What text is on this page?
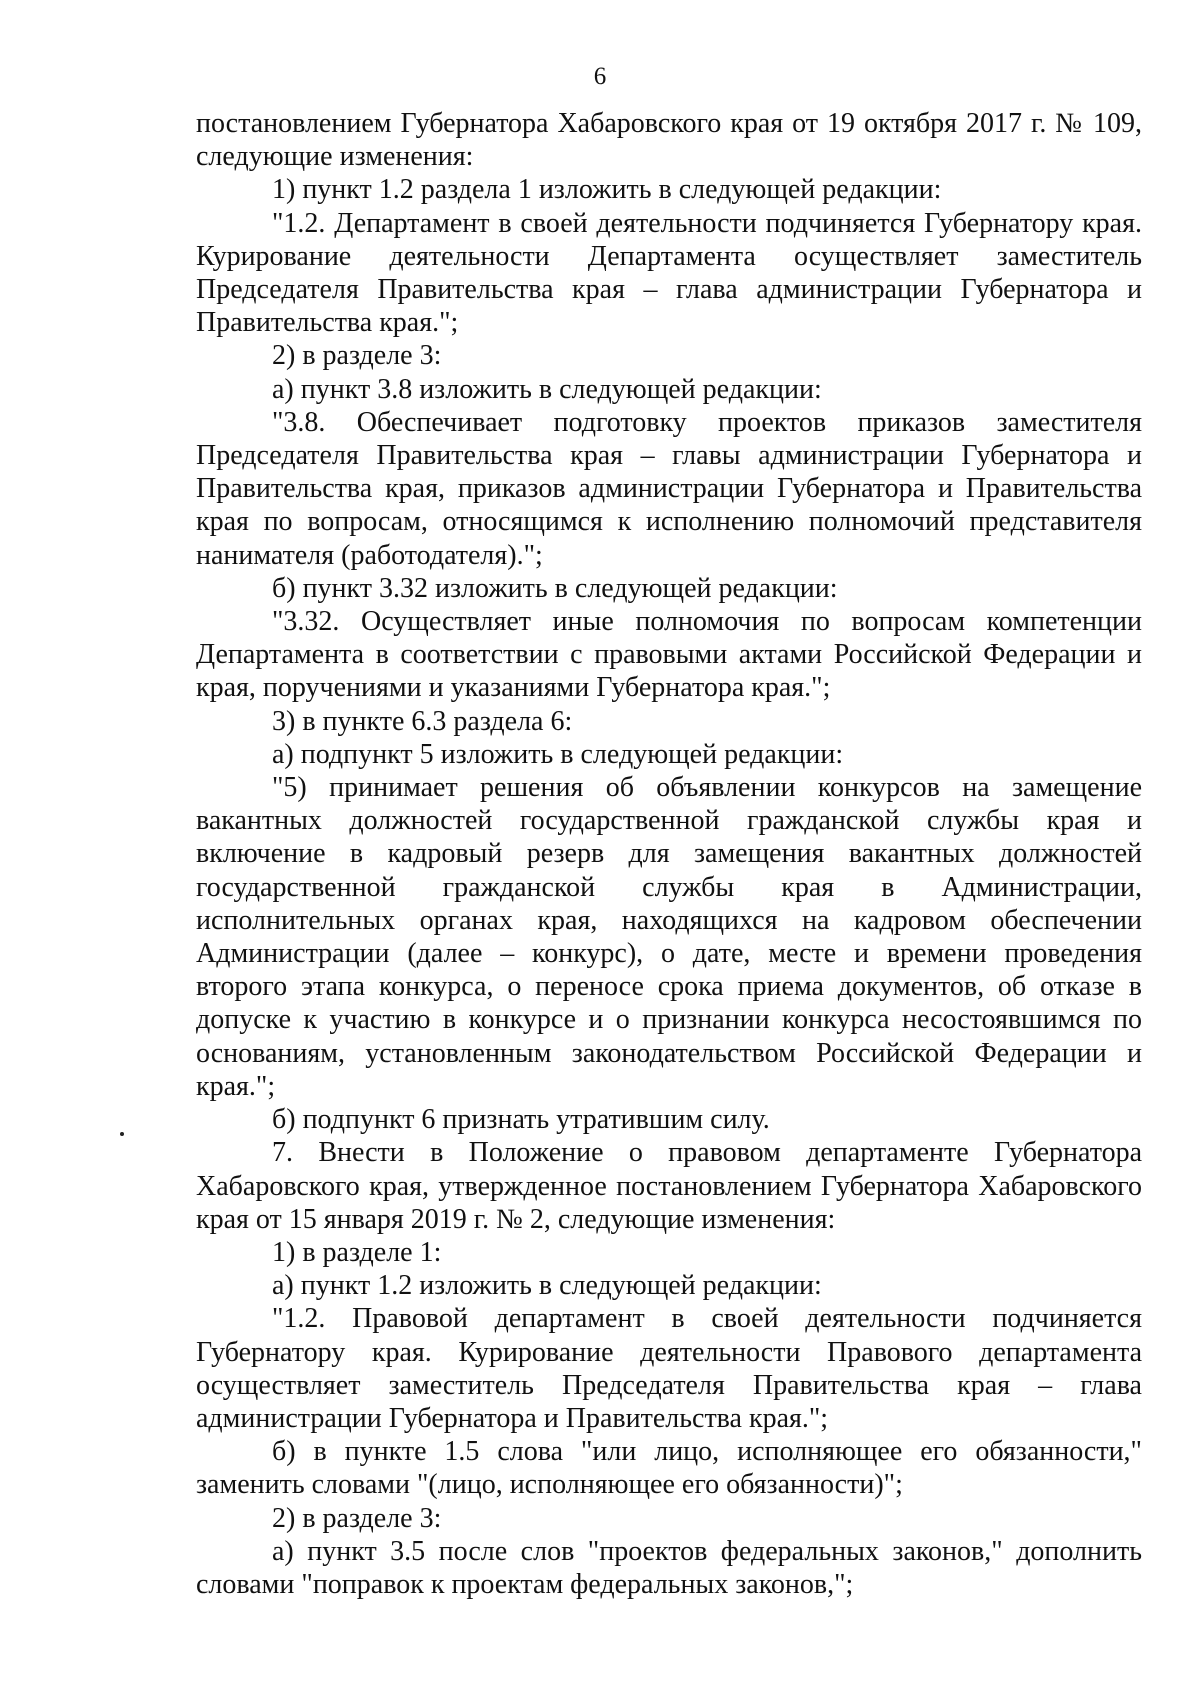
6

постановлением Губернатора Хабаровского края от 19 октября 2017 г. № 109, следующие изменения:

1) пункт 1.2 раздела 1 изложить в следующей редакции:

"1.2. Департамент в своей деятельности подчиняется Губернатору края. Курирование деятельности Департамента осуществляет заместитель Председателя Правительства края – глава администрации Губернатора и Правительства края.";

2) в разделе 3:

а) пункт 3.8 изложить в следующей редакции:

"3.8. Обеспечивает подготовку проектов приказов заместителя Председателя Правительства края – главы администрации Губернатора и Правительства края, приказов администрации Губернатора и Правительства края по вопросам, относящимся к исполнению полномочий представителя нанимателя (работодателя).";

б) пункт 3.32 изложить в следующей редакции:

"3.32. Осуществляет иные полномочия по вопросам компетенции Департамента в соответствии с правовыми актами Российской Федерации и края, поручениями и указаниями Губернатора края.";

3) в пункте 6.3 раздела 6:

а) подпункт 5 изложить в следующей редакции:

"5) принимает решения об объявлении конкурсов на замещение вакантных должностей государственной гражданской службы края и включение в кадровый резерв для замещения вакантных должностей государственной гражданской службы края в Администрации, исполнительных органах края, находящихся на кадровом обеспечении Администрации (далее – конкурс), о дате, месте и времени проведения второго этапа конкурса, о переносе срока приема документов, об отказе в допуске к участию в конкурсе и о признании конкурса несостоявшимся по основаниям, установленным законодательством Российской Федерации и края.";

б) подпункт 6 признать утратившим силу.

7. Внести в Положение о правовом департаменте Губернатора Хабаровского края, утвержденное постановлением Губернатора Хабаровского края от 15 января 2019 г. № 2, следующие изменения:

1) в разделе 1:

а) пункт 1.2 изложить в следующей редакции:

"1.2. Правовой департамент в своей деятельности подчиняется Губернатору края. Курирование деятельности Правового департамента осуществляет заместитель Председателя Правительства края – глава администрации Губернатора и Правительства края.";

б) в пункте 1.5 слова "или лицо, исполняющее его обязанности," заменить словами "(лицо, исполняющее его обязанности)";

2) в разделе 3:

а) пункт 3.5 после слов "проектов федеральных законов," дополнить словами "поправок к проектам федеральных законов,";
